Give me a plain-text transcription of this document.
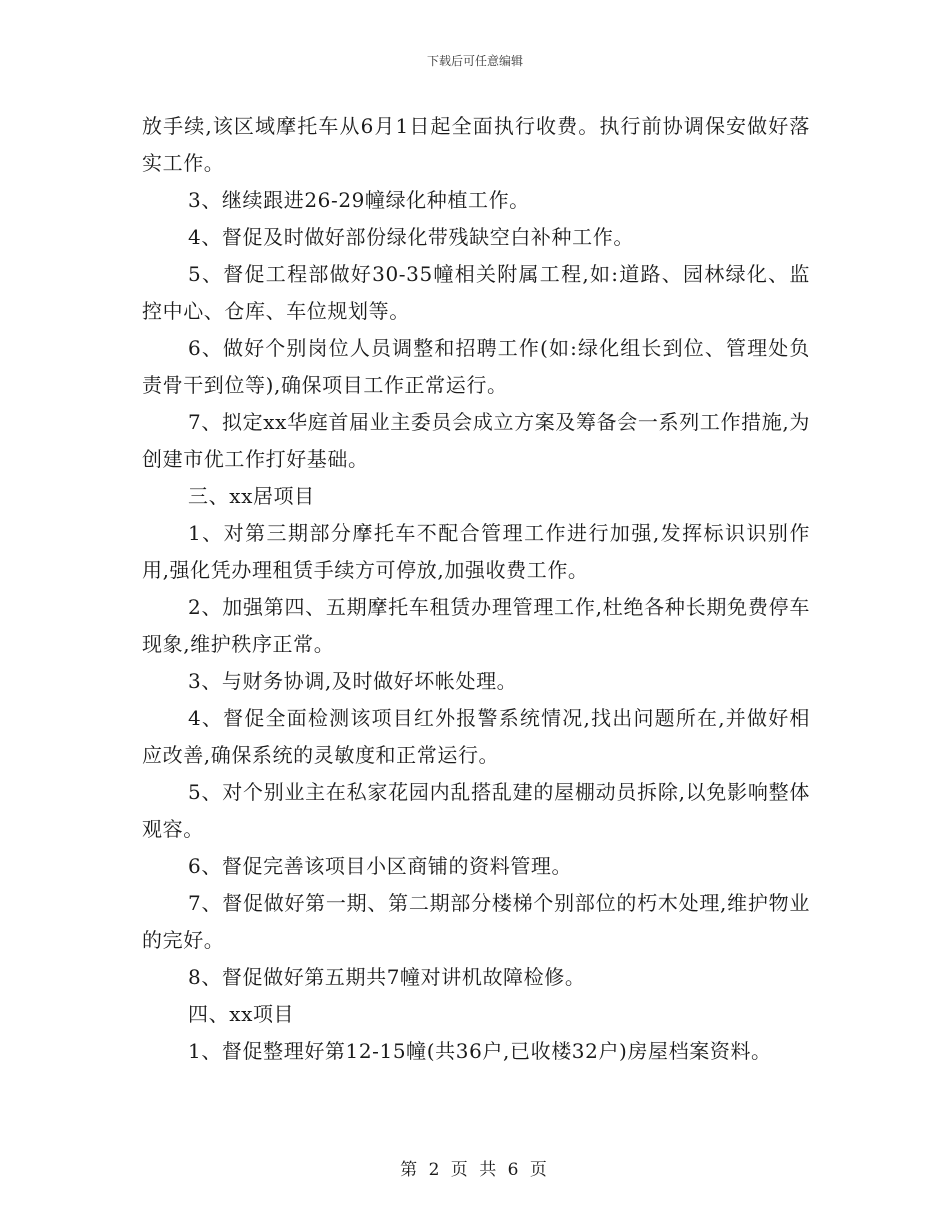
下载后可任意编辑

放手续,该区域摩托车从6月1日起全面执行收费。执行前协调保安做好落实工作。

3、继续跟进26-29幢绿化种植工作。

4、督促及时做好部份绿化带残缺空白补种工作。

5、督促工程部做好30-35幢相关附属工程,如:道路、园林绿化、监控中心、仓库、车位规划等。

6、做好个别岗位人员调整和招聘工作(如:绿化组长到位、管理处负责骨干到位等),确保项目工作正常运行。

7、拟定xx华庭首届业主委员会成立方案及筹备会一系列工作措施,为创建市优工作打好基础。

三、xx居项目

1、对第三期部分摩托车不配合管理工作进行加强,发挥标识识别作用,强化凭办理租赁手续方可停放,加强收费工作。

2、加强第四、五期摩托车租赁办理管理工作,杜绝各种长期免费停车现象,维护秩序正常。

3、与财务协调,及时做好坏帐处理。

4、督促全面检测该项目红外报警系统情况,找出问题所在,并做好相应改善,确保系统的灵敏度和正常运行。

5、对个别业主在私家花园内乱搭乱建的屋棚动员拆除,以免影响整体观容。

6、督促完善该项目小区商铺的资料管理。

7、督促做好第一期、第二期部分楼梯个别部位的朽木处理,维护物业的完好。

8、督促做好第五期共7幢对讲机故障检修。

四、xx项目

1、督促整理好第12-15幢(共36户,已收楼32户)房屋档案资料。

第 2 页 共 6 页
